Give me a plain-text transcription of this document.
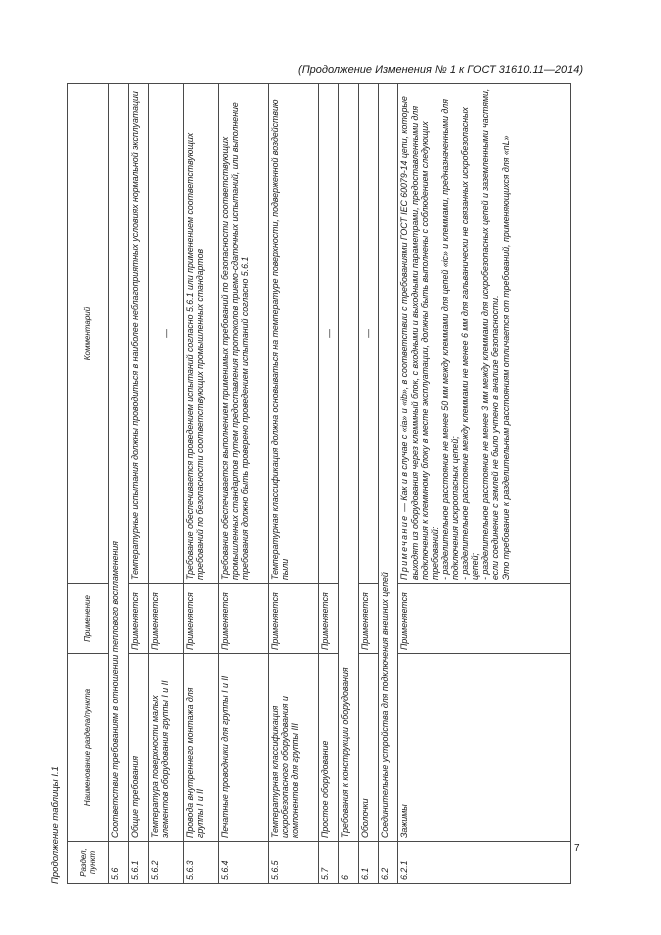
(Продолжение Изменения № 1 к ГОСТ 31610.11—2014)
Продолжение таблицы I.1 Раздел, пункт	Наименование раздела/пункта	Применение	Комментарий
5.6	Соответствие требованиям в отношении теплового воспламенения		
5.6.1	Общие требования	Применяется	Температурные испытания должны проводиться в наиболее неблагоприятных условиях нормальной эксплуатации
5.6.2	Температура поверхности малых элементов оборудования группы I и II	Применяется	—
5.6.3	Провода внутреннего монтажа для группы I и II	Применяется	Требование обеспечивается проведением испытаний согласно 5.6.1 или применением соответствующих требований по безопасности соответствующих промышленных стандартов
5.6.4	Печатные проводники для группы I и II	Применяется	Требование обеспечивается выполнением применимых требований по безопасности соответствующих промышленных стандартов путем предоставления протоколов приемо-сдаточных испытаний, или выполнение требования должно быть проверено проведением испытаний согласно 5.6.1
5.6.5	Температурная классификация искробезопасного оборудования и компонентов для группы III	Применяется	Температурная классификация должна основываться на температуре поверхности, подверженной воздействию пыли
5.7	Простое оборудование	Применяется	—
6	Требования к конструкции оборудования		
6.1	Оболочки	Применяется	—
6.2	Соединительные устройства для подключения внешних цепей		
6.2.1	Зажимы	Применяется	Примечание — Как и в случае с «ia» и «ib», в соответствии с требованиями ГОСТ IEC 60079-14 цепи, которые выходят из оборудования через клеммный блок, с входными и выходными параметрами, предоставленными для подключения к клеммному блоку в месте эксплуатации, должны быть выполнены с соблюдением следующих требований: - разделительное расстояние не менее 50 мм между клеммами для цепей «ic» и клеммами, предназначенными для подключения искроопасных цепей; - разделительное расстояние между клеммами не менее 6 мм для гальванически не связанных искробезопасных цепей; - разделительное расстояние не менее 3 мм между клеммами для искробезопасных цепей и заземленными частями, если соединение с землей не было учтено в анализе безопасности. Это требование к разделительным расстояниям отличается от требований, применяющихся для «nL»

7
